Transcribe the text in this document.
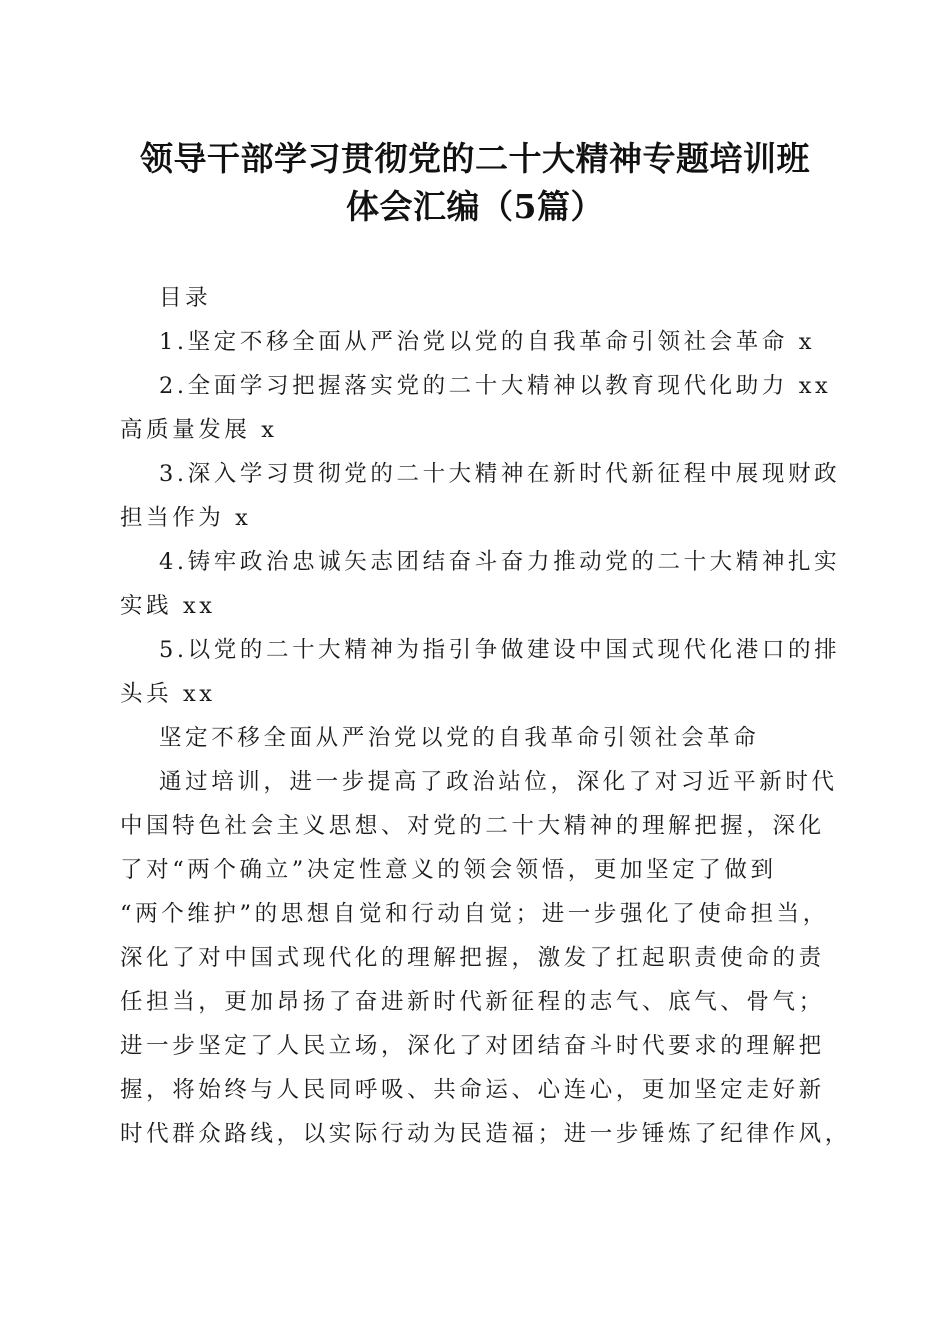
领导干部学习贯彻党的二十大精神专题培训班
体会汇编（5篇）
目录
1.坚定不移全面从严治党以党的自我革命引领社会革命 x
2.全面学习把握落实党的二十大精神以教育现代化助力 xx
高质量发展 x
3.深入学习贯彻党的二十大精神在新时代新征程中展现财政
担当作为 x
4.铸牢政治忠诚矢志团结奋斗奋力推动党的二十大精神扎实
实践 xx
5.以党的二十大精神为指引争做建设中国式现代化港口的排
头兵 xx
坚定不移全面从严治党以党的自我革命引领社会革命
通过培训，进一步提高了政治站位，深化了对习近平新时代
中国特色社会主义思想、对党的二十大精神的理解把握，深化
了对“两个确立”决定性意义的领会领悟，更加坚定了做到
“两个维护”的思想自觉和行动自觉；进一步强化了使命担当，
深化了对中国式现代化的理解把握，激发了扛起职责使命的责
任担当，更加昂扬了奋进新时代新征程的志气、底气、骨气；
进一步坚定了人民立场，深化了对团结奋斗时代要求的理解把
握，将始终与人民同呼吸、共命运、心连心，更加坚定走好新
时代群众路线，以实际行动为民造福；进一步锤炼了纪律作风，
